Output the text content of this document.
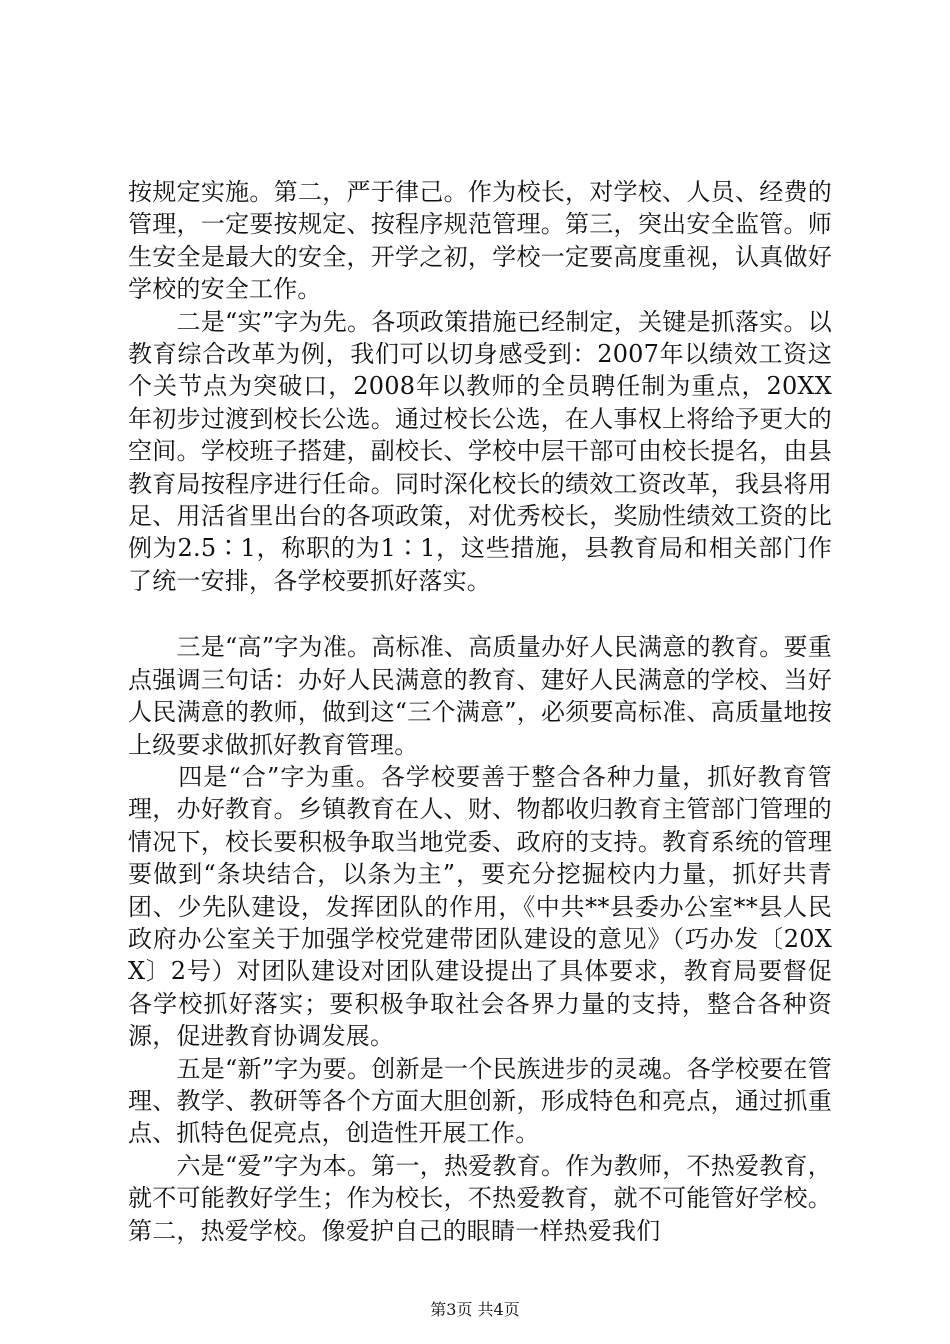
按规定实施。第二，严于律己。作为校长，对学校、人员、经费的管理，一定要按规定、按程序规范管理。第三，突出安全监管。师生安全是最大的安全，开学之初，学校一定要高度重视，认真做好学校的安全工作。

　　二是“实”字为先。各项政策措施已经制定，关键是抓落实。以教育综合改革为例，我们可以切身感受到：2007年以绩效工资这个关节点为突破口，2008年以教师的全员聘任制为重点，20XX年初步过渡到校长公选。通过校长公选，在人事权上将给予更大的空间。学校班子搭建，副校长、学校中层干部可由校长提名，由县教育局按程序进行任命。同时深化校长的绩效工资改革，我县将用足、用活省里出台的各项政策，对优秀校长，奖励性绩效工资的比例为2.5∶1，称职的为1∶1，这些措施，县教育局和相关部门作了统一安排，各学校要抓好落实。

　　三是“高”字为准。高标准、高质量办好人民满意的教育。要重点强调三句话：办好人民满意的教育、建好人民满意的学校、当好人民满意的教师，做到这“三个满意”，必须要高标准、高质量地按上级要求做抓好教育管理。

　　四是“合”字为重。各学校要善于整合各种力量，抓好教育管理，办好教育。乡镇教育在人、财、物都收归教育主管部门管理的情况下，校长要积极争取当地党委、政府的支持。教育系统的管理要做到“条块结合，以条为主”，要充分挖掘校内力量，抓好共青团、少先队建设，发挥团队的作用，《中共**县委办公室**县人民政府办公室关于加强学校党建带团队建设的意见》（巧办发〔20XX〕2号）对团队建设对团队建设提出了具体要求，教育局要督促各学校抓好落实；要积极争取社会各界力量的支持，整合各种资源，促进教育协调发展。

　　五是“新”字为要。创新是一个民族进步的灵魂。各学校要在管理、教学、教研等各个方面大胆创新，形成特色和亮点，通过抓重点、抓特色促亮点，创造性开展工作。

　　六是“爱”字为本。第一，热爱教育。作为教师，不热爱教育，就不可能教好学生；作为校长，不热爱教育，就不可能管好学校。第二，热爱学校。像爱护自己的眼睛一样热爱我们

第3页 共4页
